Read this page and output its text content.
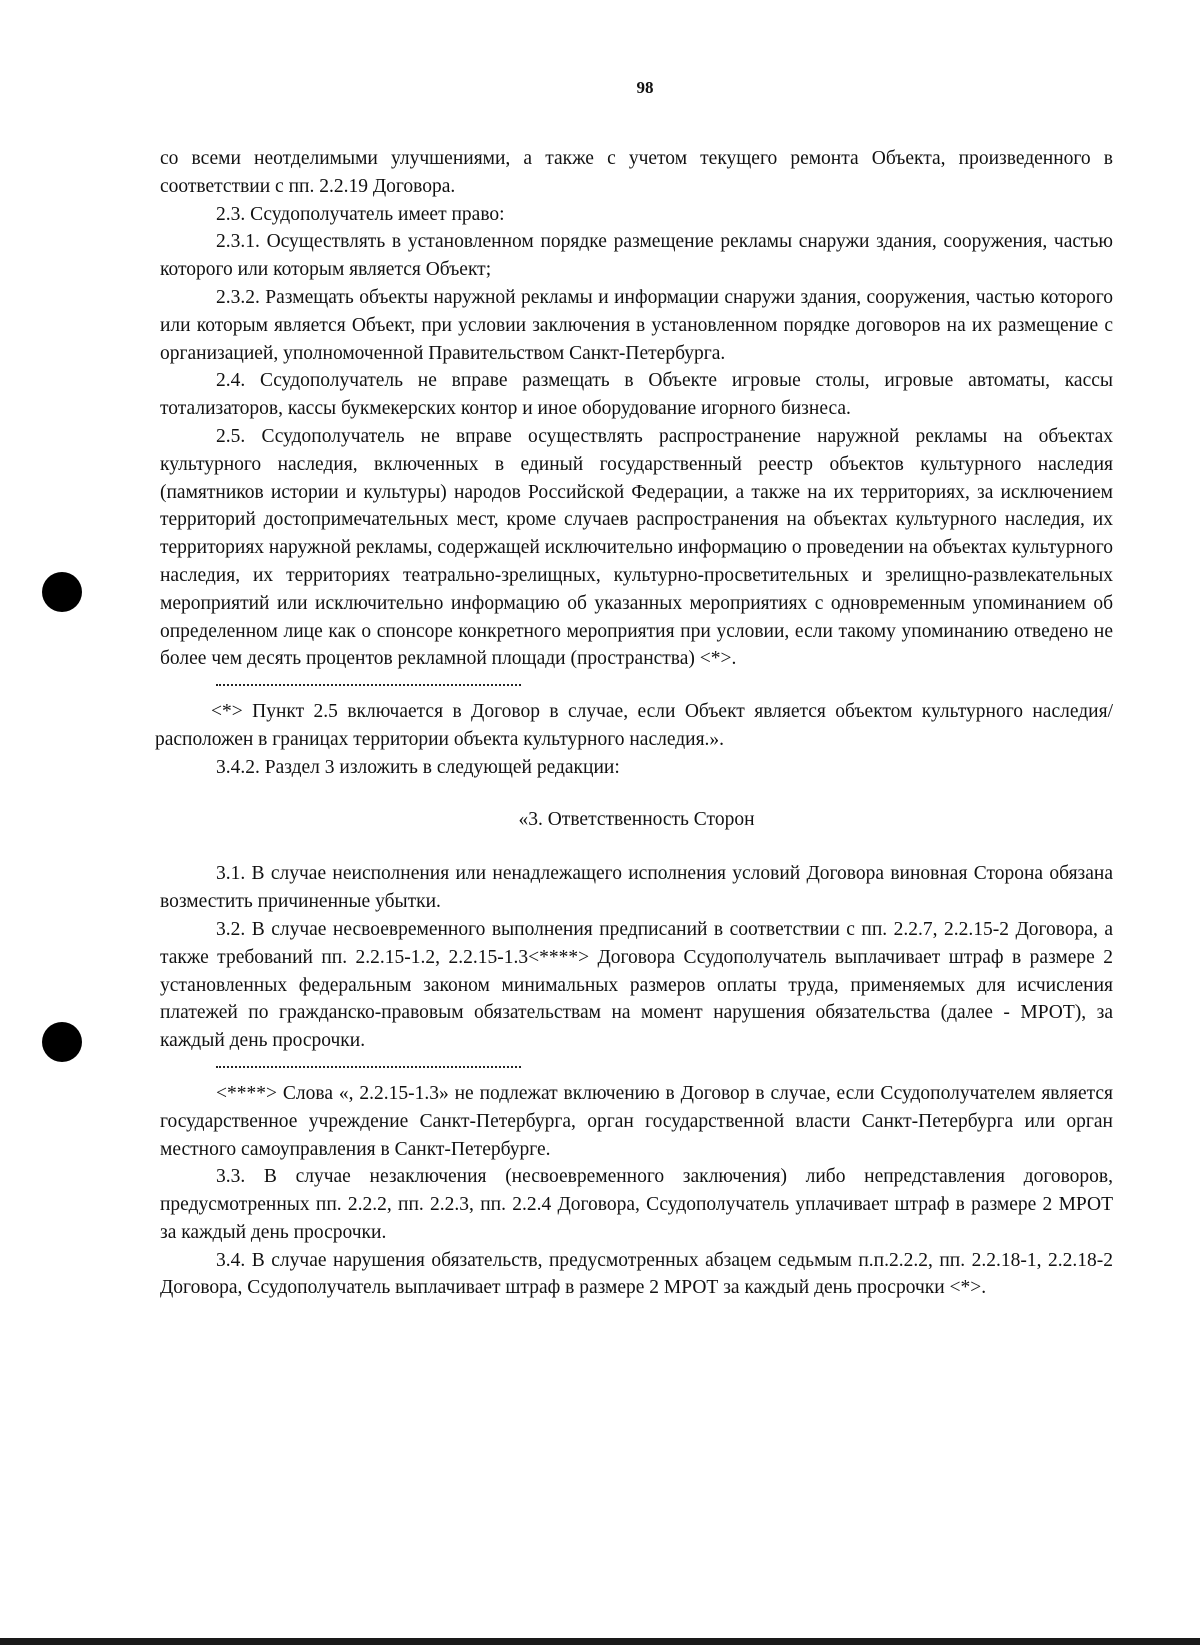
98

со всеми неотделимыми улучшениями, а также с учетом текущего ремонта Объекта, произведенного в соответствии с пп. 2.2.19 Договора.

2.3. Ссудополучатель имеет право:

2.3.1. Осуществлять в установленном порядке размещение рекламы снаружи здания, сооружения, частью которого или которым является Объект;

2.3.2. Размещать объекты наружной рекламы и информации снаружи здания, сооружения, частью которого или которым является Объект, при условии заключения в установленном порядке договоров на их размещение с организацией, уполномоченной Правительством Санкт-Петербурга.

2.4. Ссудополучатель не вправе размещать в Объекте игровые столы, игровые автоматы, кассы тотализаторов, кассы букмекерских контор и иное оборудование игорного бизнеса.

2.5. Ссудополучатель не вправе осуществлять распространение наружной рекламы на объектах культурного наследия, включенных в единый государственный реестр объектов культурного наследия (памятников истории и культуры) народов Российской Федерации, а также на их территориях, за исключением территорий достопримечательных мест, кроме случаев распространения на объектах культурного наследия, их территориях наружной рекламы, содержащей исключительно информацию о проведении на объектах культурного наследия, их территориях театрально-зрелищных, культурно-просветительных и зрелищно-развлекательных мероприятий или исключительно информацию об указанных мероприятиях с одновременным упоминанием об определенном лице как о спонсоре конкретного мероприятия при условии, если такому упоминанию отведено не более чем десять процентов рекламной площади (пространства) <*>.

<*> Пункт 2.5 включается в Договор в случае, если Объект является объектом культурного наследия/расположен в границах территории объекта культурного наследия.».

3.4.2. Раздел 3 изложить в следующей редакции:

«3. Ответственность Сторон

3.1. В случае неисполнения или ненадлежащего исполнения условий Договора виновная Сторона обязана возместить причиненные убытки.

3.2. В случае несвоевременного выполнения предписаний в соответствии с пп. 2.2.7, 2.2.15-2 Договора, а также требований пп. 2.2.15-1.2, 2.2.15-1.3<****> Договора Ссудополучатель выплачивает штраф в размере 2 установленных федеральным законом минимальных размеров оплаты труда, применяемых для исчисления платежей по гражданско-правовым обязательствам на момент нарушения обязательства (далее - МРОТ), за каждый день просрочки.

<****> Слова «, 2.2.15-1.3» не подлежат включению в Договор в случае, если Ссудополучателем является государственное учреждение Санкт-Петербурга, орган государственной власти Санкт-Петербурга или орган местного самоуправления в Санкт-Петербурге.

3.3. В случае незаключения (несвоевременного заключения) либо непредставления договоров, предусмотренных пп. 2.2.2, пп. 2.2.3, пп. 2.2.4 Договора, Ссудополучатель уплачивает штраф в размере 2 МРОТ за каждый день просрочки.

3.4. В случае нарушения обязательств, предусмотренных абзацем седьмым п.п.2.2.2, пп. 2.2.18-1, 2.2.18-2 Договора, Ссудополучатель выплачивает штраф в размере 2 МРОТ за каждый день просрочки <*>.
